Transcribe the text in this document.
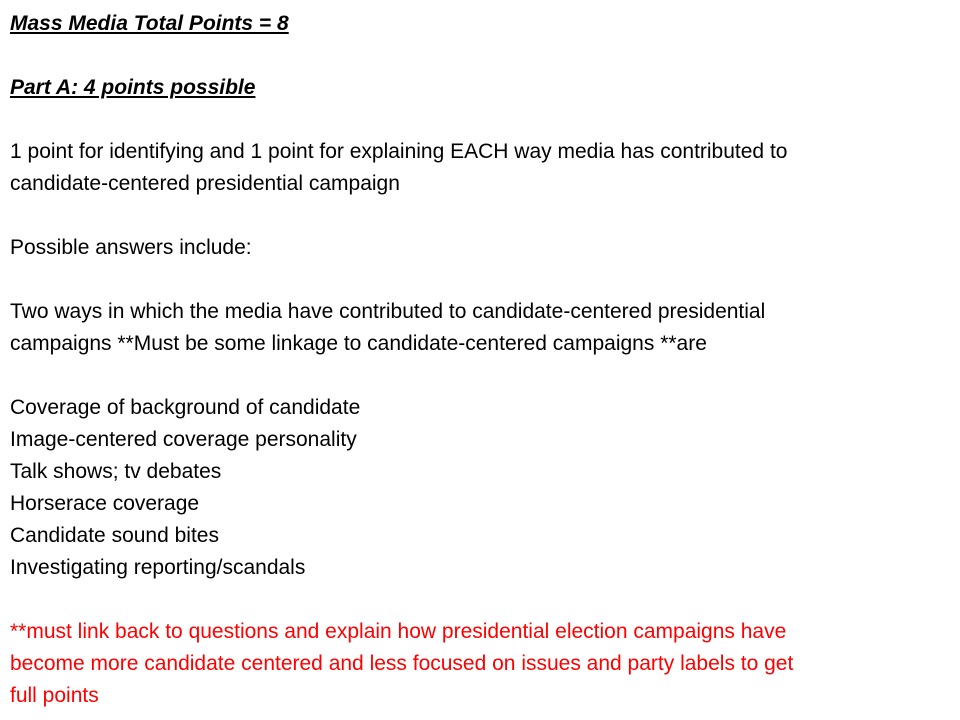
Mass Media Total Points = 8
Part A: 4 points possible
1 point for identifying and 1 point for explaining EACH way media has contributed to
candidate-centered presidential campaign
Possible answers include:
Two ways in which the media have contributed to candidate-centered presidential
campaigns **Must be some linkage to candidate-centered campaigns **are
Coverage of background of candidate
Image-centered coverage personality
Talk shows; tv debates
Horserace coverage
Candidate sound bites
Investigating reporting/scandals
**must link back to questions and explain how presidential election campaigns have
become more candidate centered and less focused on issues and party labels to get
full points
